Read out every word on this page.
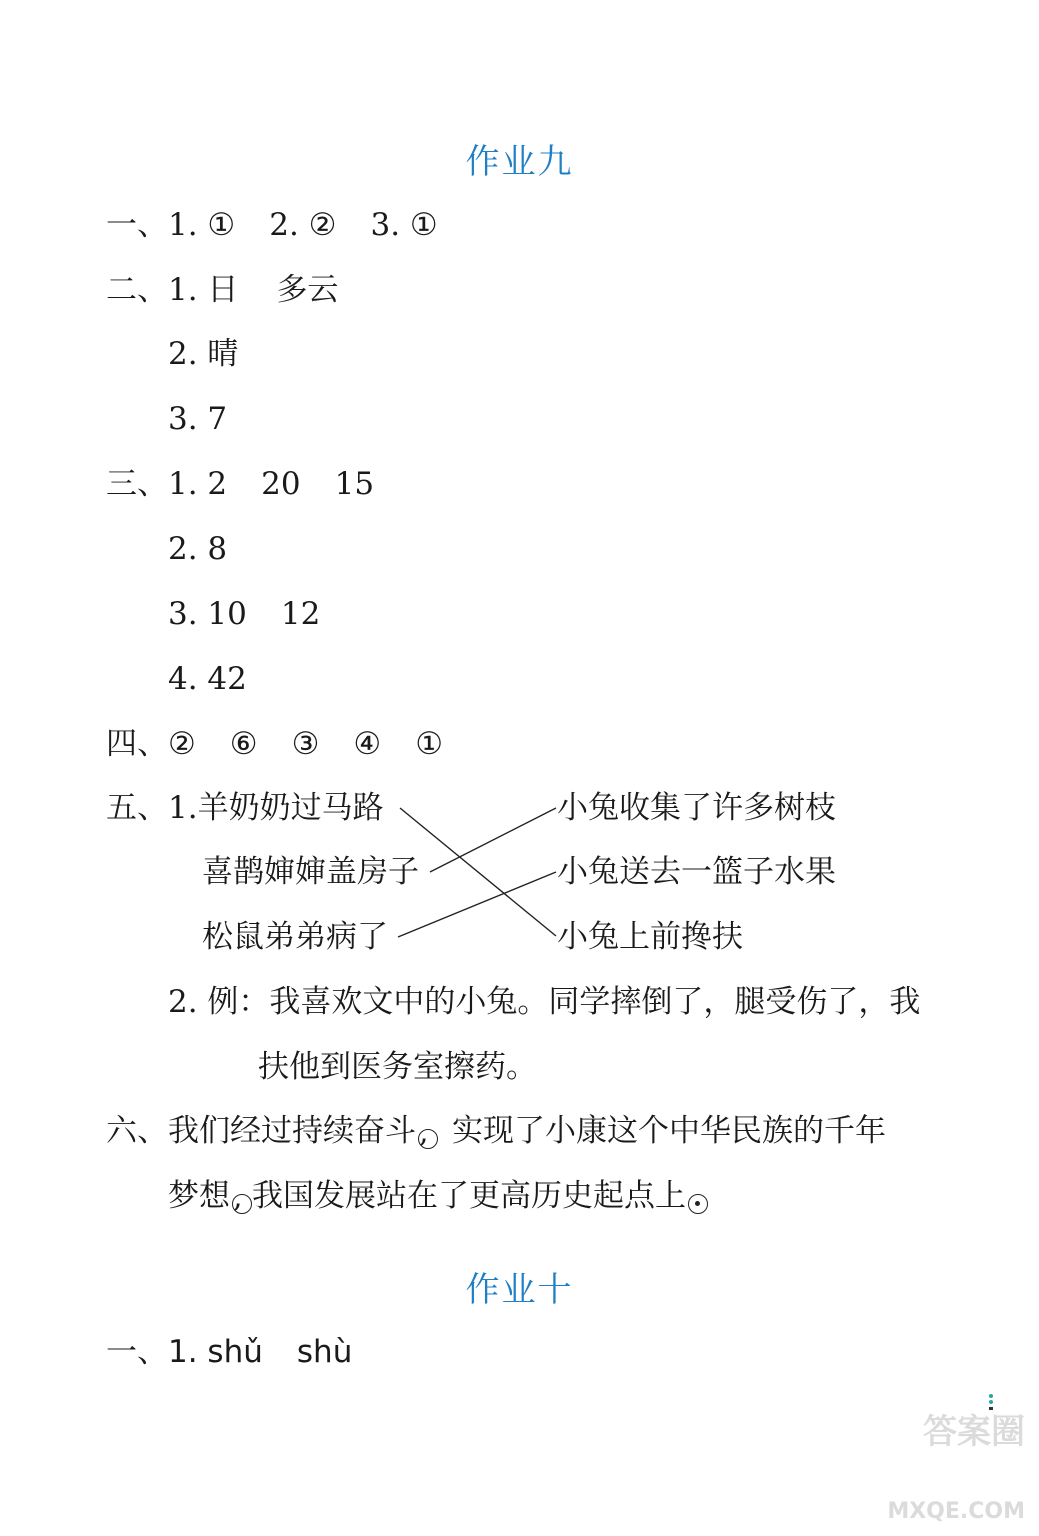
作业九
一、1. ① 2. ② 3. ①
二、1. 日 多云
2. 晴
3. 7
三、1. 2 20 15
2. 8
3. 10 12
4. 42
四、② ⑥ ③ ④ ①
五、1.羊奶奶过马路
喜鹊婶婶盖房子
松鼠弟弟病了
小兔收集了许多树枝
小兔送去一篮子水果
小兔上前搀扶
2. 例：我喜欢文中的小兔。同学摔倒了，腿受伤了，我
扶他到医务室擦药。
六、我们经过持续奋斗 , 实现了小康这个中华民族的千年
梦想 , 我国发展站在了更高历史起点上
作业十
一、1. shǔ shù
答案圈
MXQE.COM
